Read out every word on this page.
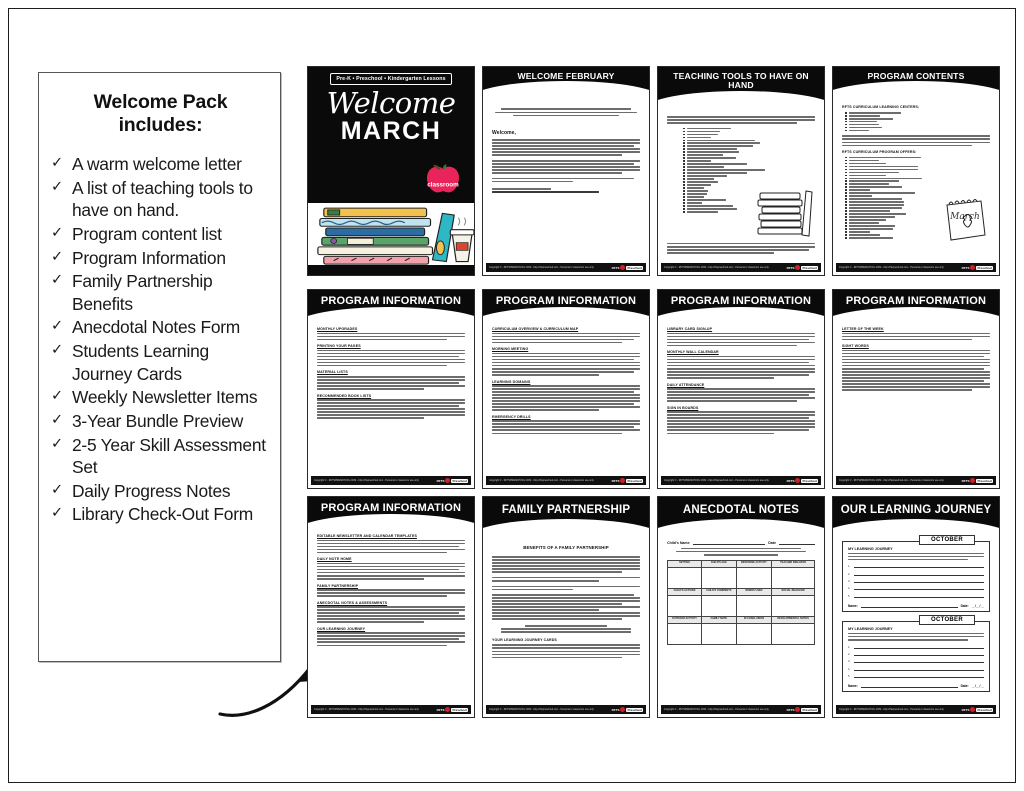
Welcome Pack includes:
✓ A warm welcome letter
✓ A list of teaching tools to have on hand.
✓ Program content list
✓ Program Information
✓ Family Partnership Benefits
✓ Anecdotal Notes Form
✓ Students Learning Journey Cards
✓ Weekly Newsletter Items
✓ 3-Year Bundle Preview
✓ 2-5 Year Skill Assessment Set
✓ Daily Progress Notes
✓ Library Check-Out Form
Pre-K • Preschool • Kindergarten Lessons
Welcome
MARCH
classroom
WELCOME FEBRUARY
Welcome,
Copyright © - RFTSPRESCHOOL.COM - http://rftspreschool.com - Personal or classroom use only.	RFTS	Preschool
TEACHING TOOLS TO HAVE ON HAND
Copyright © - RFTSPRESCHOOL.COM - http://rftspreschool.com - Personal or classroom use only.	RFTS	Preschool
PROGRAM CONTENTS
RFTS CURRICULUM LEARNING CENTERS:
RFTS CURRICULUM PROGRAM OFFERS:
March
Copyright © - RFTSPRESCHOOL.COM - http://rftspreschool.com - Personal or classroom use only.	RFTS	Preschool
PROGRAM INFORMATION
MONTHLY UPGRADES
PRINTING YOUR PAGES
MATERIAL LISTS
RECOMMENDED BOOK LISTS
Copyright © - RFTSPRESCHOOL.COM - http://rftspreschool.com - Personal or classroom use only.	RFTS	Preschool
PROGRAM INFORMATION
CURRICULUM OVERVIEW & CURRICULUM MAP
MORNING MEETING
LEARNING DOMAINS
EMERGENCY DRILLS
Copyright © - RFTSPRESCHOOL.COM - http://rftspreschool.com - Personal or classroom use only.	RFTS	Preschool
PROGRAM INFORMATION
LIBRARY CARD SIGN-UP
MONTHLY WALL CALENDAR
DAILY ATTENDANCE
SIGN IN BOARDS
Copyright © - RFTSPRESCHOOL.COM - http://rftspreschool.com - Personal or classroom use only.	RFTS	Preschool
PROGRAM INFORMATION
LETTER OF THE WEEK
SIGHT WORDS
Copyright © - RFTSPRESCHOOL.COM - http://rftspreschool.com - Personal or classroom use only.	RFTS	Preschool
PROGRAM INFORMATION
EDITABLE NEWSLETTER AND CALENDAR TEMPLATES
DAILY NOTE HOME
FAMILY PARTNERSHIP
ANECDOTAL NOTES & ASSESSMENTS
OUR LEARNING JOURNEY
Copyright © - RFTSPRESCHOOL.COM - http://rftspreschool.com - Personal or classroom use only.	RFTS	Preschool
FAMILY PARTNERSHIP
BENEFITS OF A FAMILY PARTNERSHIP
YOUR LEARNING JOURNEY CARDS
Copyright © - RFTSPRESCHOOL.COM - http://rftspreschool.com - Personal or classroom use only.	RFTS	Preschool
ANECDOTAL NOTES
Child's Name	Date
SETTING	CHILD'S AGE	RESPONSE ACTIVITY	TEACHER BEHAVIOR

CHILD'S ACTIONS	CHILD'S COMMENTS	WORDS USED	SOCIAL BEHAVIOR

OUTDOOR ACTIVITY	FAMILY NOTE	IN CONCLUSION	DEVELOPMENTAL NOTES

Copyright © - RFTSPRESCHOOL.COM - http://rftspreschool.com - Personal or classroom use only.	RFTS	Preschool
OUR LEARNING JOURNEY
OCTOBER
MY LEARNING JOURNEY
1.
2.
3.
4.
5.
Name:	Date: __/__/__
OCTOBER
MY LEARNING JOURNEY
1.
2.
3.
4.
5.
Name:	Date: __/__/__
Copyright © - RFTSPRESCHOOL.COM - http://rftspreschool.com - Personal or classroom use only.	RFTS	Preschool
